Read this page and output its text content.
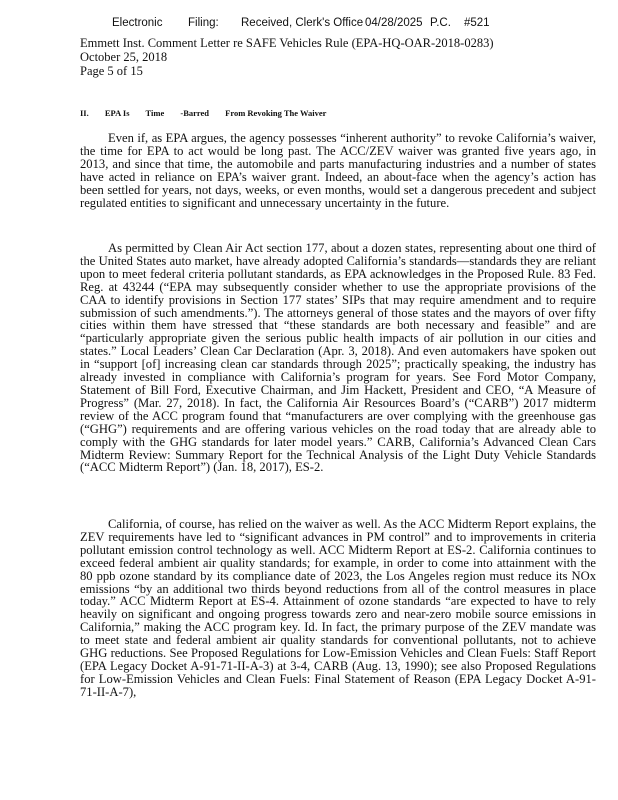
Electronic Filing: Received, Clerk's Office 04/28/2025 P.C. #521
Emmett Inst. Comment Letter re SAFE Vehicles Rule (EPA-HQ-OAR-2018-0283)
October 25, 2018
Page 5 of 15
II. EPA Is Time -Barred From Revoking The Waiver

Even if, as EPA argues, the agency possesses “inherent authority” to revoke California’s waiver, the time for EPA to act would be long past. The ACC/ZEV waiver was granted five years ago, in 2013, and since that time, the automobile and parts manufacturing industries and a number of states have acted in reliance on EPA’s waiver grant. Indeed, an about-face when the agency’s action has been settled for years, not days, weeks, or even months, would set a dangerous precedent and subject regulated entities to significant and unnecessary uncertainty in the future.

As permitted by Clean Air Act section 177, about a dozen states, representing about one third of the United States auto market, have already adopted California’s standards—standards they are reliant upon to meet federal criteria pollutant standards, as EPA acknowledges in the Proposed Rule. 83 Fed. Reg. at 43244 (“EPA may subsequently consider whether to use the appropriate provisions of the CAA to identify provisions in Section 177 states’ SIPs that may require amendment and to require submission of such amendments.”). The attorneys general of those states and the mayors of over fifty cities within them have stressed that “these standards are both necessary and feasible” and are “particularly appropriate given the serious public health impacts of air pollution in our cities and states.” Local Leaders’ Clean Car Declaration (Apr. 3, 2018). And even automakers have spoken out in “support [of] increasing clean car standards through 2025”; practically speaking, the industry has already invested in compliance with California’s program for years. See Ford Motor Company, Statement of Bill Ford, Executive Chairman, and Jim Hackett, President and CEO, “A Measure of Progress” (Mar. 27, 2018). In fact, the California Air Resources Board’s (“CARB”) 2017 midterm review of the ACC program found that “manufacturers are over complying with the greenhouse gas (“GHG”) requirements and are offering various vehicles on the road today that are already able to comply with the GHG standards for later model years.” CARB, California’s Advanced Clean Cars Midterm Review: Summary Report for the Technical Analysis of the Light Duty Vehicle Standards (“ACC Midterm Report”) (Jan. 18, 2017), ES-2.

California, of course, has relied on the waiver as well. As the ACC Midterm Report explains, the ZEV requirements have led to “significant advances in PM control” and to improvements in criteria pollutant emission control technology as well. ACC Midterm Report at ES-2. California continues to exceed federal ambient air quality standards; for example, in order to come into attainment with the 80 ppb ozone standard by its compliance date of 2023, the Los Angeles region must reduce its NOx emissions “by an additional two thirds beyond reductions from all of the control measures in place today.” ACC Midterm Report at ES-4. Attainment of ozone standards “are expected to have to rely heavily on significant and ongoing progress towards zero and near-zero mobile source emissions in California,” making the ACC program key. Id. In fact, the primary purpose of the ZEV mandate was to meet state and federal ambient air quality standards for conventional pollutants, not to achieve GHG reductions. See Proposed Regulations for Low-Emission Vehicles and Clean Fuels: Staff Report (EPA Legacy Docket A-91-71-II-A-3) at 3-4, CARB (Aug. 13, 1990); see also Proposed Regulations for Low-Emission Vehicles and Clean Fuels: Final Statement of Reason (EPA Legacy Docket A-91-71-II-A-7),
